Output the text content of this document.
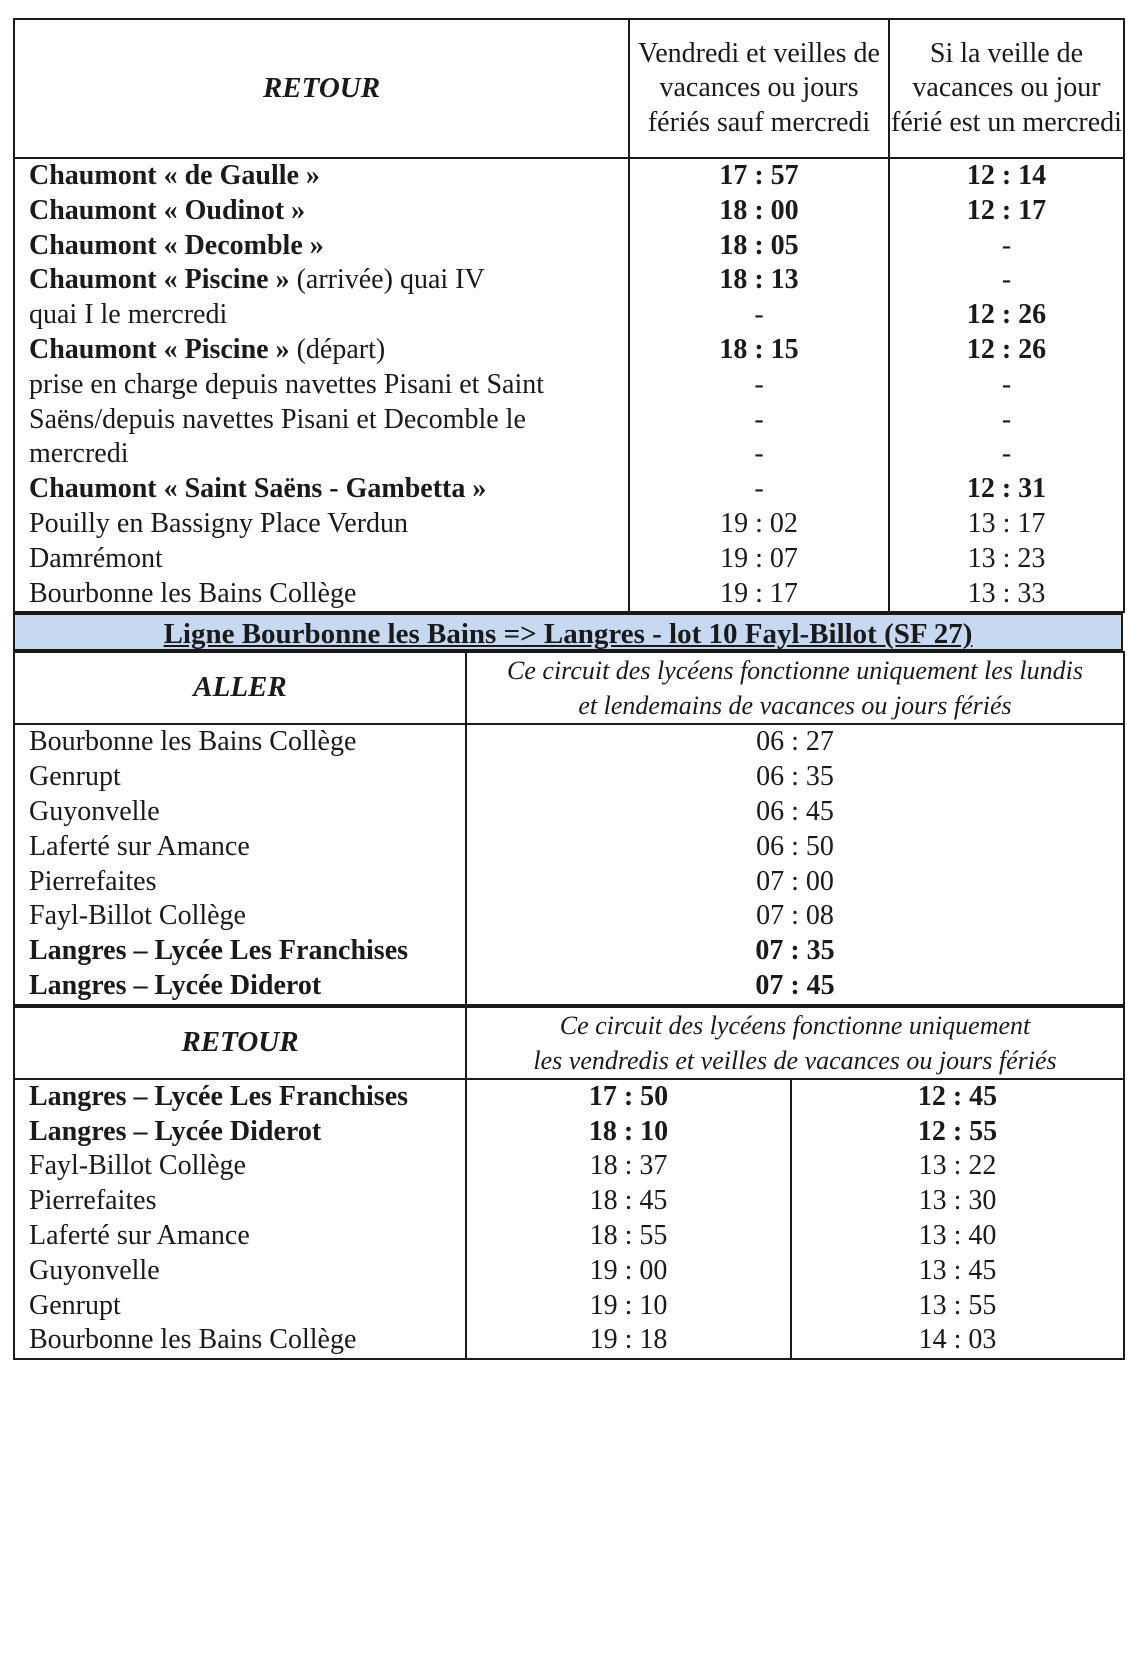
RETOUR	Vendredi et veilles de vacances ou jours fériés sauf mercredi	Si la veille de vacances ou jour férié est un mercredi
Chaumont « de Gaulle »	17 : 57	12 : 14
Chaumont « Oudinot »	18 : 00	12 : 17
Chaumont « Decomble »	18 : 05	-
Chaumont « Piscine » (arrivée) quai IV	18 : 13	-
quai I le mercredi	-	12 : 26
Chaumont « Piscine » (départ)	18 : 15	12 : 26
prise en charge depuis navettes Pisani et Saint	-	-
Saëns/depuis navettes Pisani et Decomble le	-	-
mercredi	-	-
Chaumont « Saint Saëns - Gambetta »	-	12 : 31
Pouilly en Bassigny Place Verdun	19 : 02	13 : 17
Damrémont	19 : 07	13 : 23
Bourbonne les Bains Collège	19 : 17	13 : 33
Ligne Bourbonne les Bains => Langres - lot 10 Fayl-Billot (SF 27)
ALLER	Ce circuit des lycéens fonctionne uniquement les lundis
et lendemains de vacances ou jours fériés

Bourbonne les Bains Collège	06 : 27
Genrupt	06 : 35
Guyonvelle	06 : 45
Laferté sur Amance	06 : 50
Pierrefaites	07 : 00
Fayl-Billot Collège	07 : 08
Langres – Lycée Les Franchises	07 : 35
Langres – Lycée Diderot	07 : 45
RETOUR	Ce circuit des lycéens fonctionne uniquement
les vendredis et veilles de vacances ou jours fériés	

Langres – Lycée Les Franchises	17 : 50	12 : 45
Langres – Lycée Diderot	18 : 10	12 : 55
Fayl-Billot Collège	18 : 37	13 : 22
Pierrefaites	18 : 45	13 : 30
Laferté sur Amance	18 : 55	13 : 40
Guyonvelle	19 : 00	13 : 45
Genrupt	19 : 10	13 : 55
Bourbonne les Bains Collège	19 : 18	14 : 03
